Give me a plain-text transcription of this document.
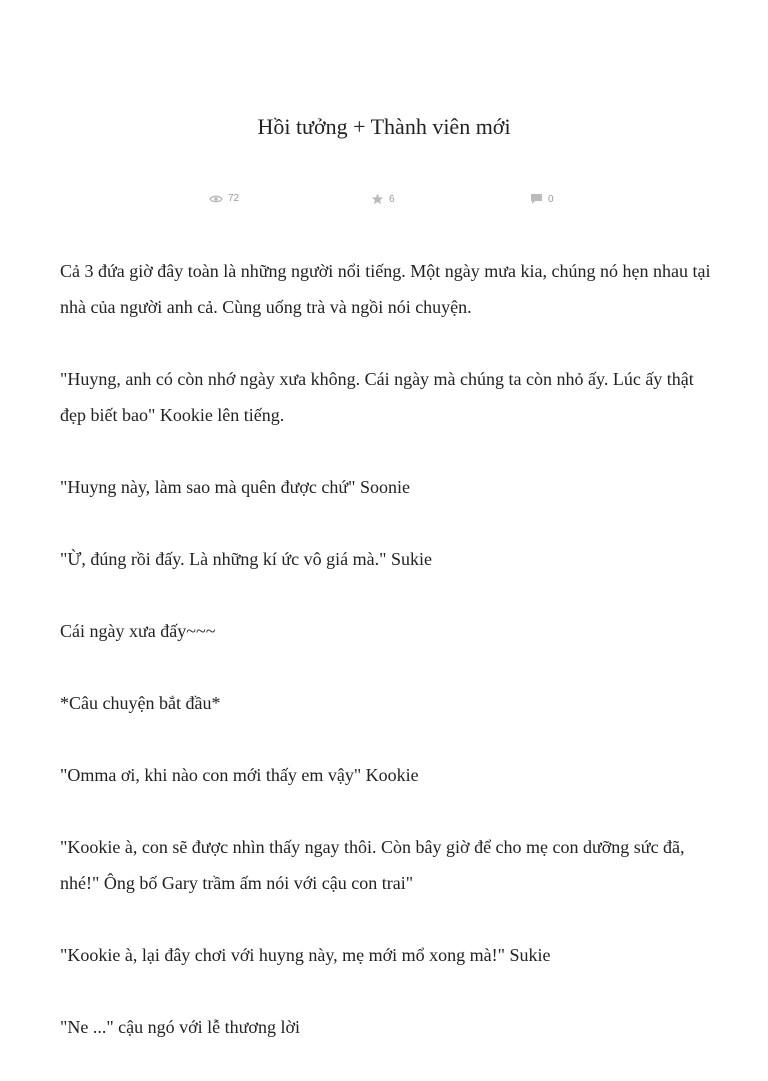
Hồi tưởng + Thành viên mới
72	6	0

Cả 3 đứa giờ đây toàn là những người nổi tiếng. Một ngày mưa kia, chúng nó hẹn nhau tại nhà của người anh cả. Cùng uống trà và ngồi nói chuyện.

"Huyng, anh có còn nhớ ngày xưa không. Cái ngày mà chúng ta còn nhỏ ấy. Lúc ấy thật đẹp biết bao" Kookie lên tiếng.

"Huyng này, làm sao mà quên được chứ" Soonie

"Ừ, đúng rồi đấy. Là những kí ức vô giá mà." Sukie

Cái ngày xưa đấy~~~

*Câu chuyện bắt đầu*

"Omma ơi, khi nào con mới thấy em vậy" Kookie

"Kookie à, con sẽ được nhìn thấy ngay thôi. Còn bây giờ để cho mẹ con dưỡng sức đã, nhé!" Ông bố Gary trầm ấm nói với cậu con trai"

"Kookie à, lại đây chơi với huyng này, mẹ mới mổ xong mà!" Sukie

"Ne ..." cậu ngó với lễ thương lời
